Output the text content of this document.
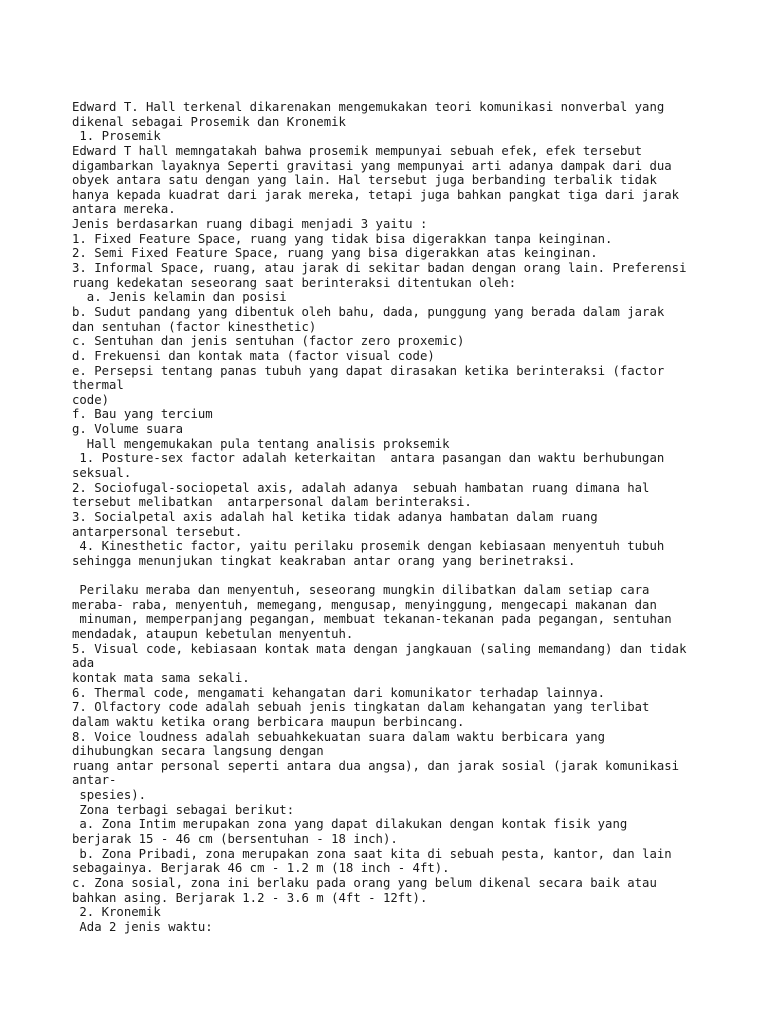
Edward T. Hall terkenal dikarenakan mengemukakan teori komunikasi nonverbal yang
dikenal sebagai Prosemik dan Kronemik
1. Prosemik
Edward T hall memngatakah bahwa prosemik mempunyai sebuah efek, efek tersebut
digambarkan layaknya Seperti gravitasi yang mempunyai arti adanya dampak dari dua
obyek antara satu dengan yang lain. Hal tersebut juga berbanding terbalik tidak
hanya kepada kuadrat dari jarak mereka, tetapi juga bahkan pangkat tiga dari jarak
antara mereka.
Jenis berdasarkan ruang dibagi menjadi 3 yaitu :
1. Fixed Feature Space, ruang yang tidak bisa digerakkan tanpa keinginan.
2. Semi Fixed Feature Space, ruang yang bisa digerakkan atas keinginan.
3. Informal Space, ruang, atau jarak di sekitar badan dengan orang lain. Preferensi
ruang kedekatan seseorang saat berinteraksi ditentukan oleh:
a. Jenis kelamin dan posisi
b. Sudut pandang yang dibentuk oleh bahu, dada, punggung yang berada dalam jarak
dan sentuhan (factor kinesthetic)
c. Sentuhan dan jenis sentuhan (factor zero proxemic)
d. Frekuensi dan kontak mata (factor visual code)
e. Persepsi tentang panas tubuh yang dapat dirasakan ketika berinteraksi (factor
thermal
code)
f. Bau yang tercium
g. Volume suara
Hall mengemukakan pula tentang analisis proksemik
1. Posture-sex factor adalah keterkaitan  antara pasangan dan waktu berhubungan
seksual.
2. Sociofugal-sociopetal axis, adalah adanya  sebuah hambatan ruang dimana hal
tersebut melibatkan  antarpersonal dalam berinteraksi.
3. Socialpetal axis adalah hal ketika tidak adanya hambatan dalam ruang
antarpersonal tersebut.
4. Kinesthetic factor, yaitu perilaku prosemik dengan kebiasaan menyentuh tubuh
sehingga menunjukan tingkat keakraban antar orang yang berinetraksi.
Perilaku meraba dan menyentuh, seseorang mungkin dilibatkan dalam setiap cara
meraba- raba, menyentuh, memegang, mengusap, menyinggung, mengecapi makanan dan
minuman, memperpanjang pegangan, membuat tekanan-tekanan pada pegangan, sentuhan
mendadak, ataupun kebetulan menyentuh.
5. Visual code, kebiasaan kontak mata dengan jangkauan (saling memandang) dan tidak
ada
kontak mata sama sekali.
6. Thermal code, mengamati kehangatan dari komunikator terhadap lainnya.
7. Olfactory code adalah sebuah jenis tingkatan dalam kehangatan yang terlibat
dalam waktu ketika orang berbicara maupun berbincang.
8. Voice loudness adalah sebuahkekuatan suara dalam waktu berbicara yang
dihubungkan secara langsung dengan
ruang antar personal seperti antara dua angsa), dan jarak sosial (jarak komunikasi
antar-
spesies).
Zona terbagi sebagai berikut:
a. Zona Intim merupakan zona yang dapat dilakukan dengan kontak fisik yang
berjarak 15 - 46 cm (bersentuhan - 18 inch).
b. Zona Pribadi, zona merupakan zona saat kita di sebuah pesta, kantor, dan lain
sebagainya. Berjarak 46 cm - 1.2 m (18 inch - 4ft).
c. Zona sosial, zona ini berlaku pada orang yang belum dikenal secara baik atau
bahkan asing. Berjarak 1.2 - 3.6 m (4ft - 12ft).
2. Kronemik
Ada 2 jenis waktu:
